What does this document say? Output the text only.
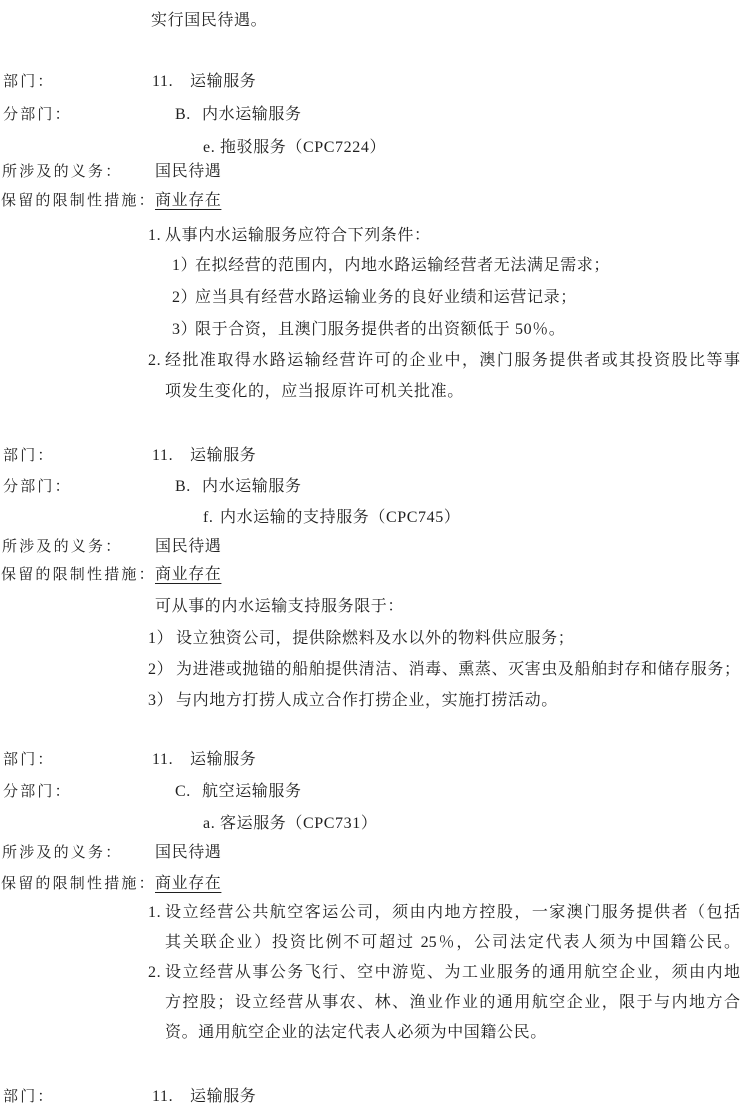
实行国民待遇。
部门：	11. 运输服务
分部门：	B. 内水运输服务
e. 拖驳服务（CPC7224）
所涉及的义务： 国民待遇
保留的限制性措施： 商业存在
1. 从事内水运输服务应符合下列条件：
1）在拟经营的范围内，内地水路运输经营者无法满足需求；
2）应当具有经营水路运输业务的良好业绩和运营记录；
3）限于合资，且澳门服务提供者的出资额低于 50％。
2. 经批准取得水路运输经营许可的企业中，澳门服务提供者或其投资股比等事
项发生变化的，应当报原许可机关批准。
部门：	11. 运输服务
分部门：	B. 内水运输服务
f. 内水运输的支持服务（CPC745）
所涉及的义务： 国民待遇
保留的限制性措施： 商业存在
可从事的内水运输支持服务限于：
1） 设立独资公司，提供除燃料及水以外的物料供应服务；
2） 为进港或抛锚的船舶提供清洁、消毒、熏蒸、灭害虫及船舶封存和储存服务；
3） 与内地方打捞人成立合作打捞企业，实施打捞活动。
部门：	11. 运输服务
分部门：	C. 航空运输服务
a. 客运服务（CPC731）
所涉及的义务： 国民待遇
保留的限制性措施： 商业存在
1. 设立经营公共航空客运公司，须由内地方控股，一家澳门服务提供者（包括
其关联企业）投资比例不可超过 25％，公司法定代表人须为中国籍公民。
2. 设立经营从事公务飞行、空中游览、为工业服务的通用航空企业，须由内地
方控股；设立经营从事农、林、渔业作业的通用航空企业，限于与内地方合
资。通用航空企业的法定代表人必须为中国籍公民。
部门：	11. 运输服务
